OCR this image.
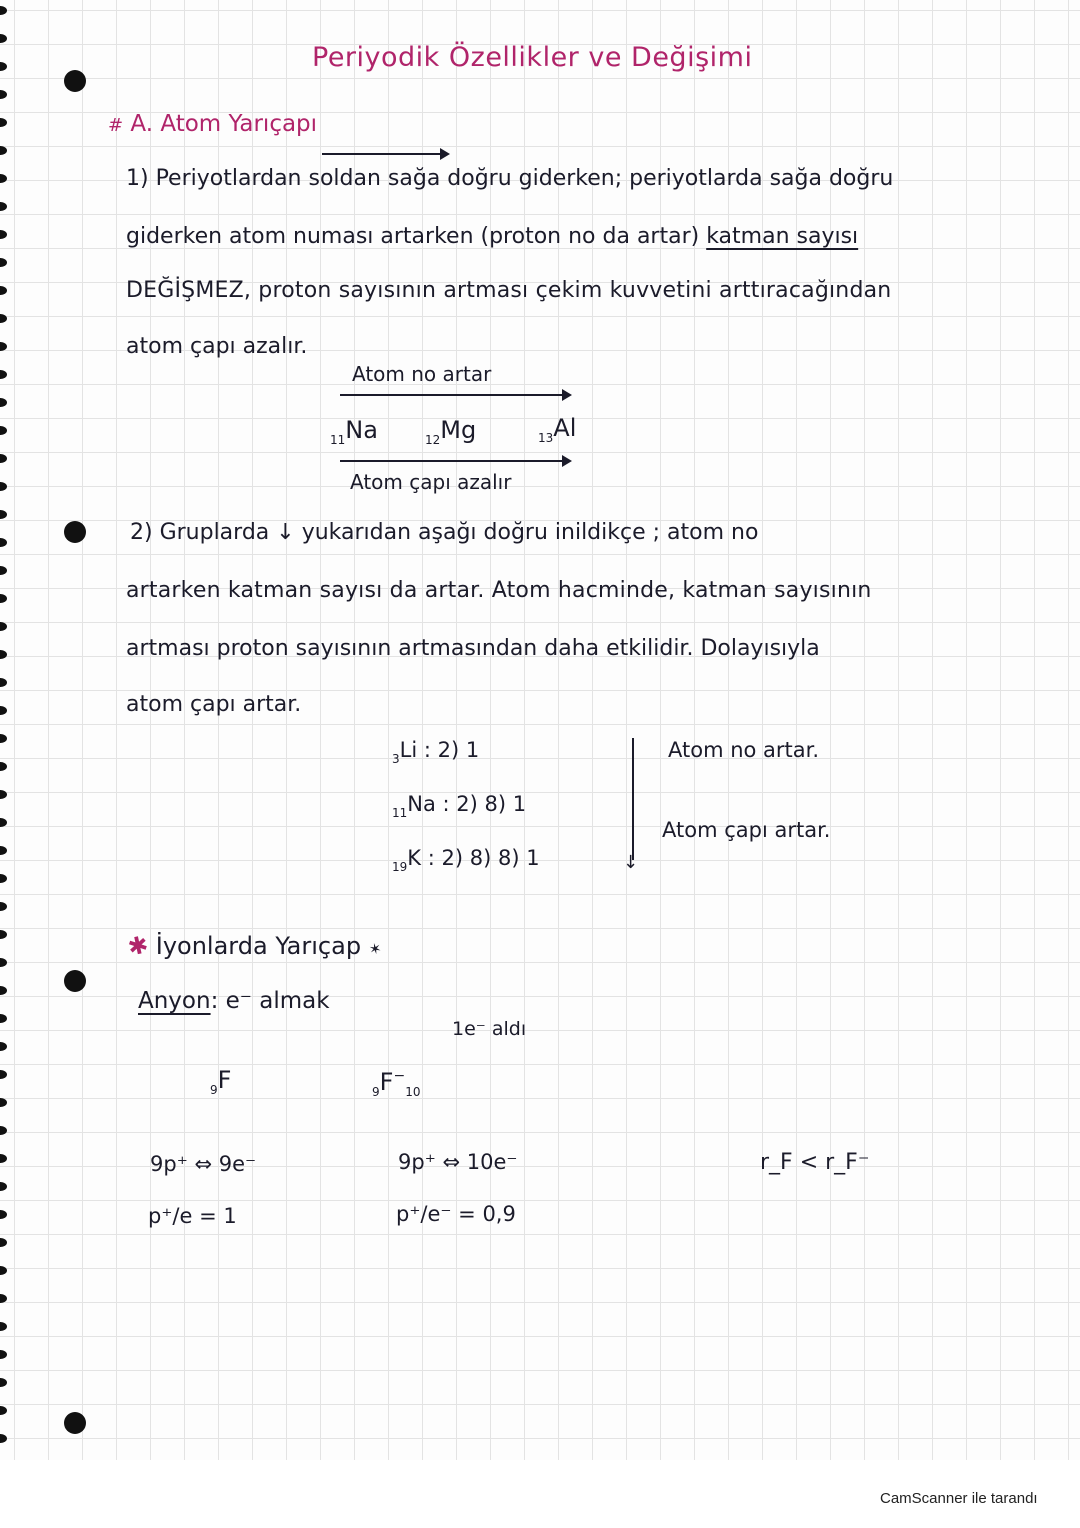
Periyodik Özellikler ve Değişimi
# A. Atom Yarıçapı
1) Periyotlardan soldan sağa doğru giderken; periyotlarda sağa doğru
giderken atom numası artarken (proton no da artar) katman sayısı
DEĞİŞMEZ, proton sayısının artması çekim kuvvetini arttıracağından
atom çapı azalır.
Atom no artar
$_{11}$Na	$_{12}$Mg	$_{13}$Al
Atom çapı azalır
2) Gruplarda ↓ yukarıdan aşağı doğru inildikçe ; atom no
artarken katman sayısı da artar. Atom hacminde, katman sayısının
artması proton sayısının artmasından daha etkilidir. Dolayısıyla
atom çapı artar.
$_3$Li : 2) 1
$_{11}$Na : 2) 8) 1
$_{19}$K : 2) 8) 8) 1	↓
Atom no artar.
Atom çapı artar.
✱ İyonlarda Yarıçap ✶
Anyon: e⁻ almak
1e⁻ aldı
$_9$F	$_9F^-_{10}$
9p⁺ ⇔ 9e⁻	9p⁺ ⇔ 10e⁻
p⁺/e = 1	p⁺/e⁻ = 0,9
r_F < r_F⁻
CamScanner ile tarandı
